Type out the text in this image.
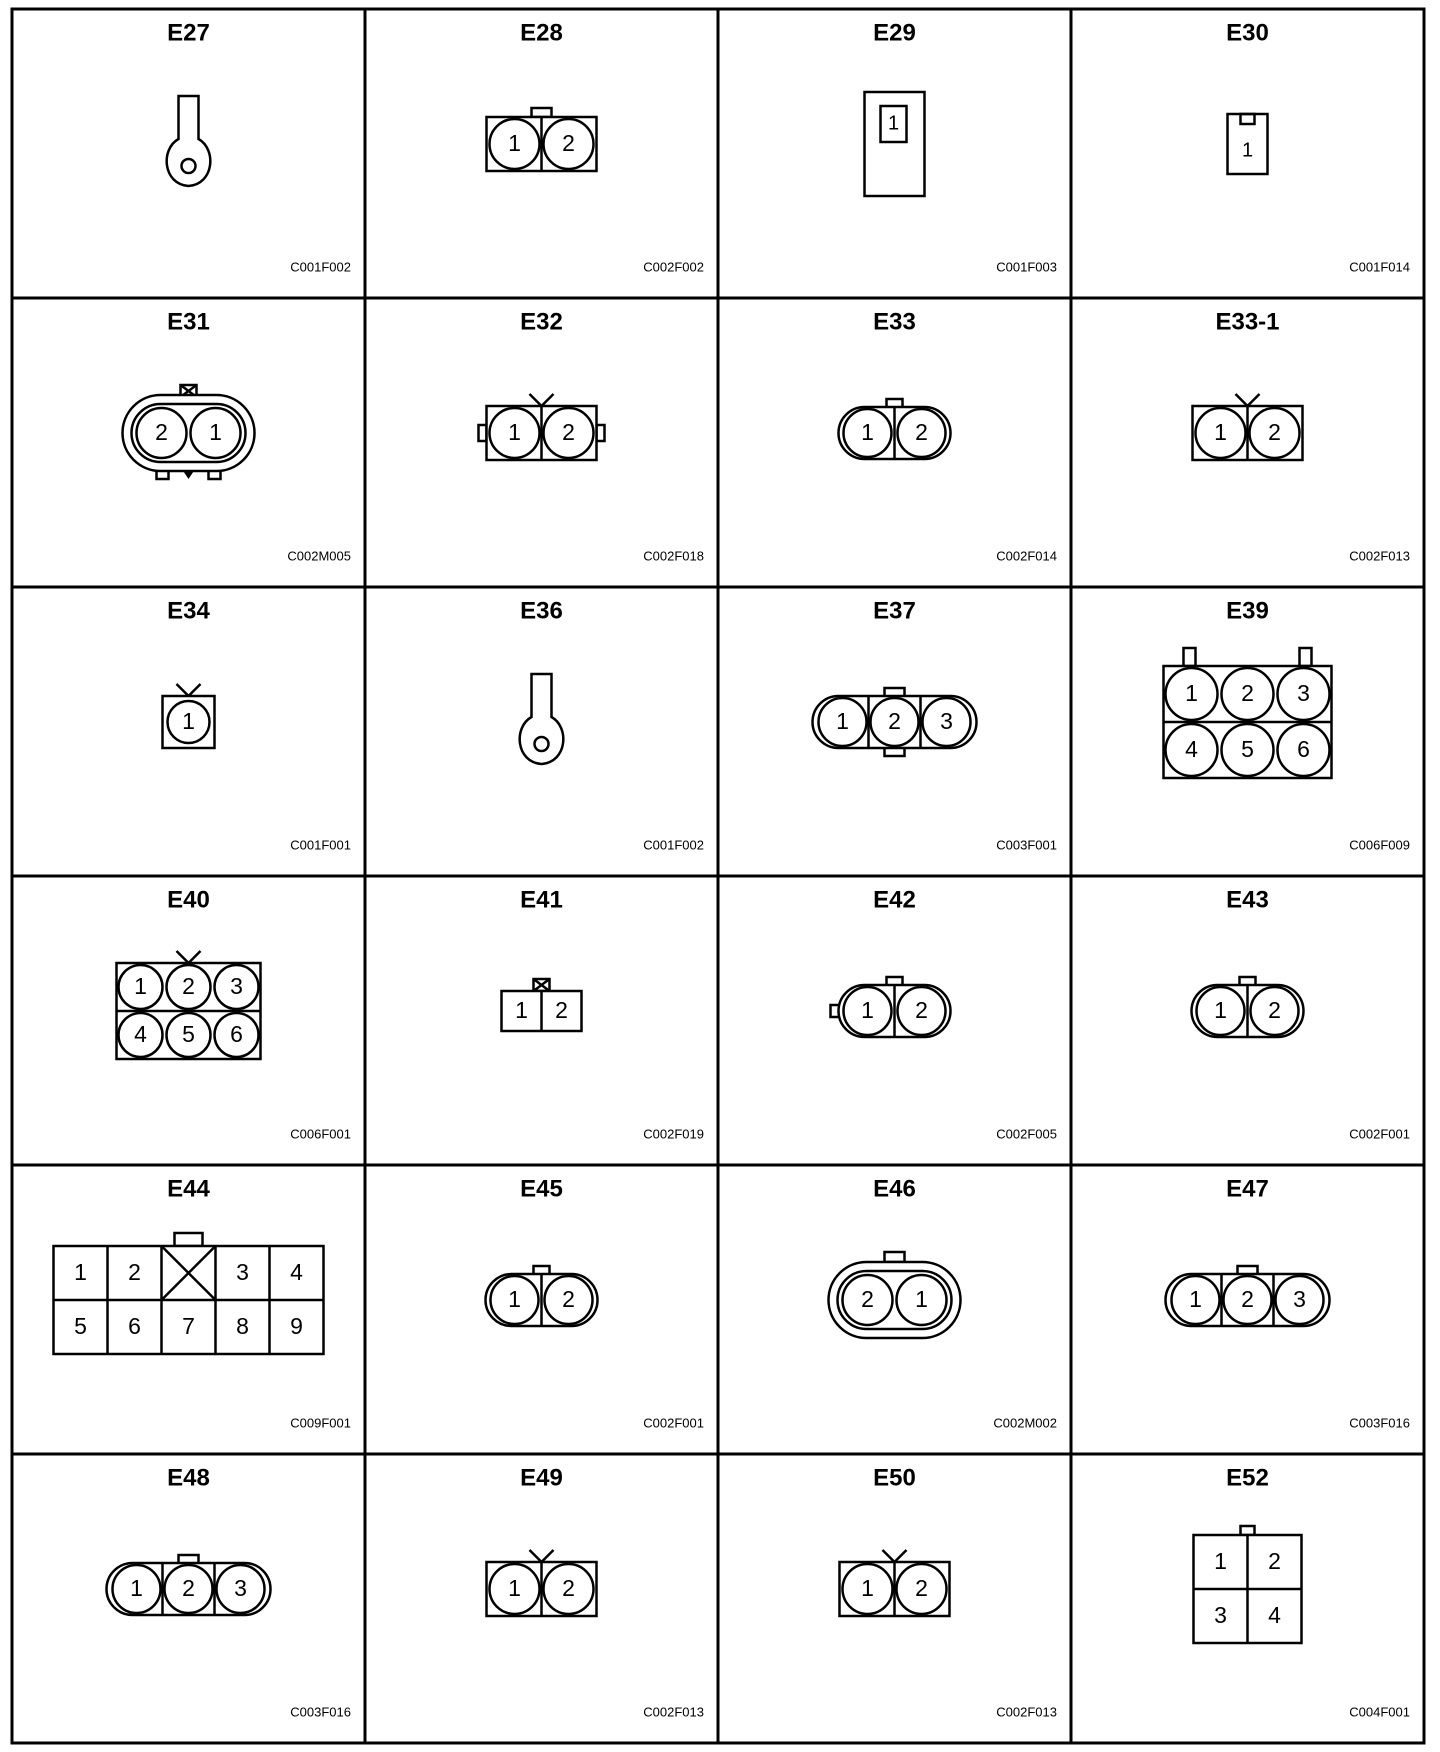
E27
C001F002
E28
C002F002
1 2
E29
C001F003
1
E30
C001F014
1
E31
C002M005
2 1
E32
C002F018
1 2
E33
C002F014
1 2
E33-1
C002F013
1 2
E34
C001F001
1
E36
C001F002
E37
C003F001
1 2 3
E39
C006F009
1 2 3
4 5 6
E40
C006F001
1 2 3
4 5 6
E41
C002F019
1 2
E42
C002F005
1 2
E43
C002F001
1 2
E44
C009F001
1 2	3 4
5 6 7 8 9
E45
C002F001
1 2
E46
C002M002
2 1
E47
C003F016
1 2 3
E48
C003F016
1 2 3
E49
C002F013
1 2
E50
C002F013
1 2
E52
C004F001
1 2
3 4
